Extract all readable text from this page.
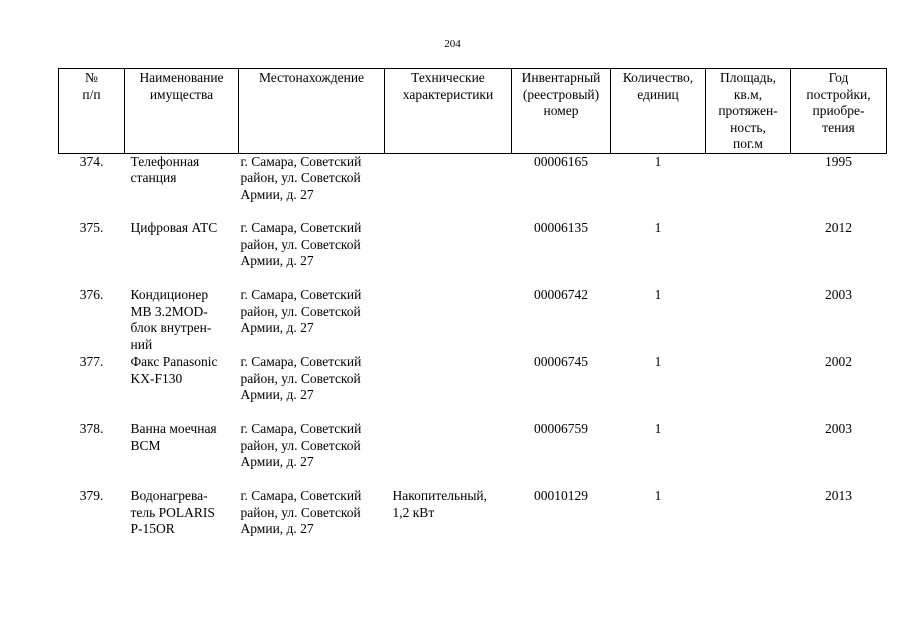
204
№
п/п	Наименование
имущества	Местонахождение	Технические
характеристики	Инвентарный
(реестровый)
номер	Количество,
единиц	Площадь,
кв.м,
протяжен-
ность,
пог.м	Год
постройки,
приобре-
тения
374.	Телефонная
станция	г. Самара, Советский
район, ул. Советской
Армии, д. 27		00006165	1		1995
375.	Цифровая АТС	г. Самара, Советский
район, ул. Советской
Армии, д. 27		00006135	1		2012
376.	Кондиционер
MB 3.2MOD-
блок внутрен-
ний	г. Самара, Советский
район, ул. Советской
Армии, д. 27		00006742	1		2003
377.	Факс Panasonic
KX-F130	г. Самара, Советский
район, ул. Советской
Армии, д. 27		00006745	1		2002
378.	Ванна моечная
ВСМ	г. Самара, Советский
район, ул. Советской
Армии, д. 27		00006759	1		2003
379.	Водонагрева-
тель POLARIS
P-15OR	г. Самара, Советский
район, ул. Советской
Армии, д. 27	Накопительный,
1,2 кВт	00010129	1		2013
